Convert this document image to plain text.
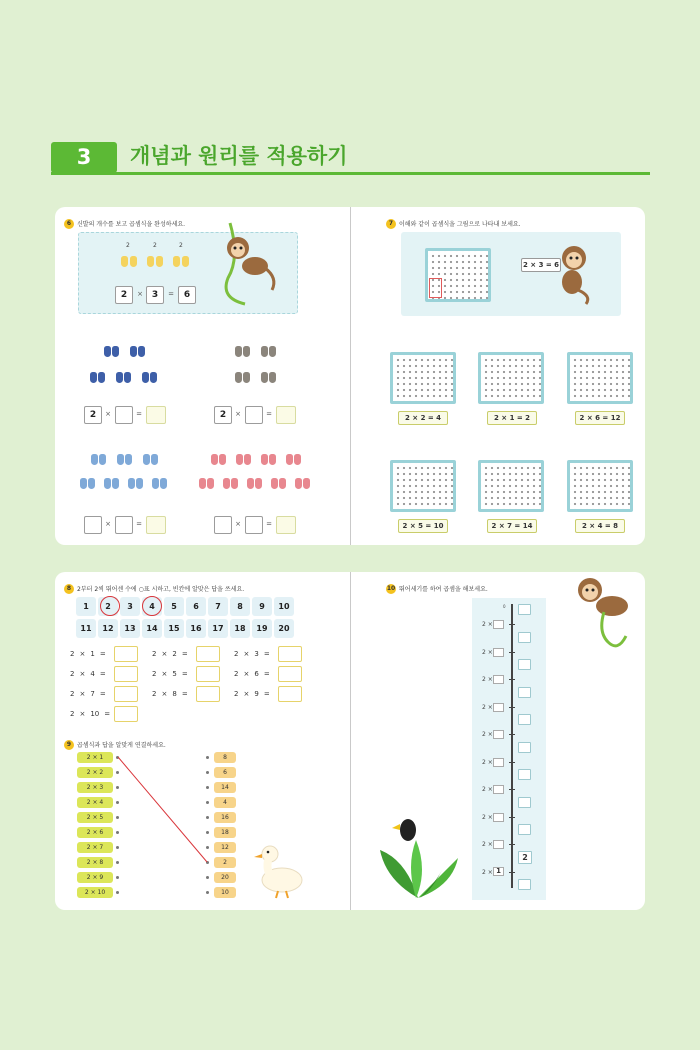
3	개념과 원리를 적용하기
6 신발의 개수를 보고 곱셈식을 완성하세요.
2	2	2
2	× 3	=	6
2	×	=	2	×	=
×	=	×	=
7 이해와 같이 곱셈식을 그림으로 나타내 보세요.
2 × 3 = 6
2 × 2 = 4	2 × 1 = 2	2 × 6 = 12
2 × 5 = 10	2 × 7 = 14	2 × 4 = 8
8 2부터 2씩 뛰어센 수에 ○표 시하고, 빈칸에 알맞은 답을 쓰세요.
1	2	3	4	5	6	7	8	9	10
11	12	13	14	15	16	17	18	19	20
2 × 1 =	2 × 2 =	2 × 3 =
2 × 4 =	2 × 5 =	2 × 6 =
2 × 7 =	2 × 8 =	2 × 9 =
2 × 10 =
9 곱셈식과 답을 알맞게 연결하세요.
2 × 1	8
2 × 2	6
2 × 3	14
2 × 4	4
2 × 5	16
2 × 6	18
2 × 7	12
2 × 8	2
2 × 9	20
2 × 10	10
10 뛰어세기를 하여 곱셈을 해보세요.
0
2 ×
2 ×
2 ×
2 ×
2 ×
2 ×
2 ×
2 ×
2 ×
2 × 1
2
